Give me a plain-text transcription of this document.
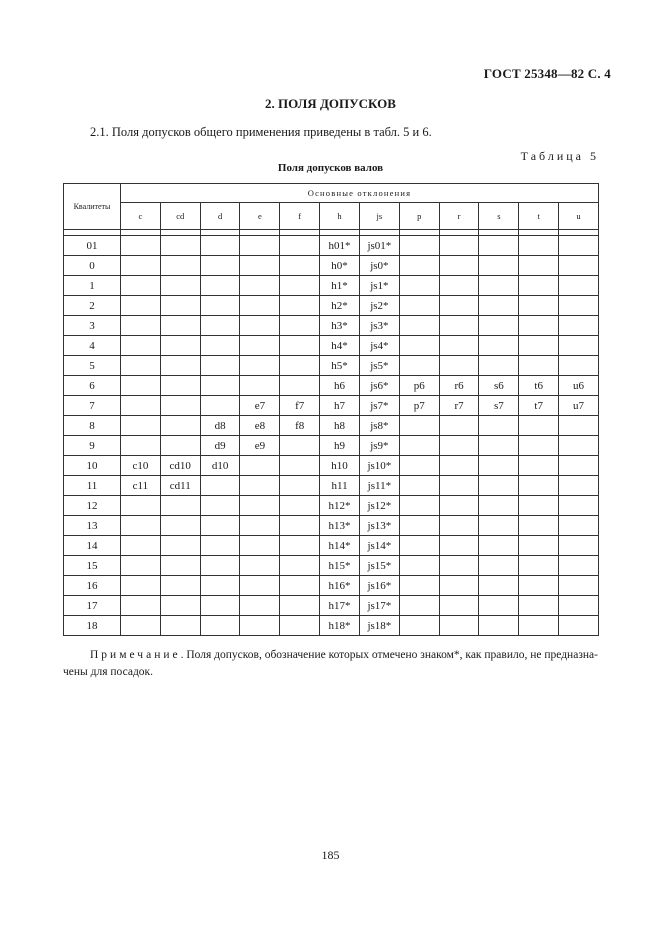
ГОСТ 25348—82 С. 4
2. ПОЛЯ ДОПУСКОВ
2.1. Поля допусков общего применения приведены в табл. 5 и 6.
Таблица 5
Поля допусков валов
Квалитеты	Основные отклонения											
	c	cd	d	e	f	h	js	p	r	s	t	u

01						h01*	js01*					
0						h0*	js0*					
1						h1*	js1*					
2						h2*	js2*					
3						h3*	js3*					
4						h4*	js4*					
5						h5*	js5*					
6						h6	js6*	p6	r6	s6	t6	u6
7				e7	f7	h7	js7*	p7	r7	s7	t7	u7
8			d8	e8	f8	h8	js8*					
9			d9	e9		h9	js9*					
10	c10	cd10	d10			h10	js10*					
11	c11	cd11				h11	js11*					
12						h12*	js12*					
13						h13*	js13*					
14						h14*	js14*					
15						h15*	js15*					
16						h16*	js16*					
17						h17*	js17*					
18						h18*	js18*					
Примечание. Поля допусков, обозначение которых отмечено знаком*, как правило, не предназна-чены для посадок.
185
